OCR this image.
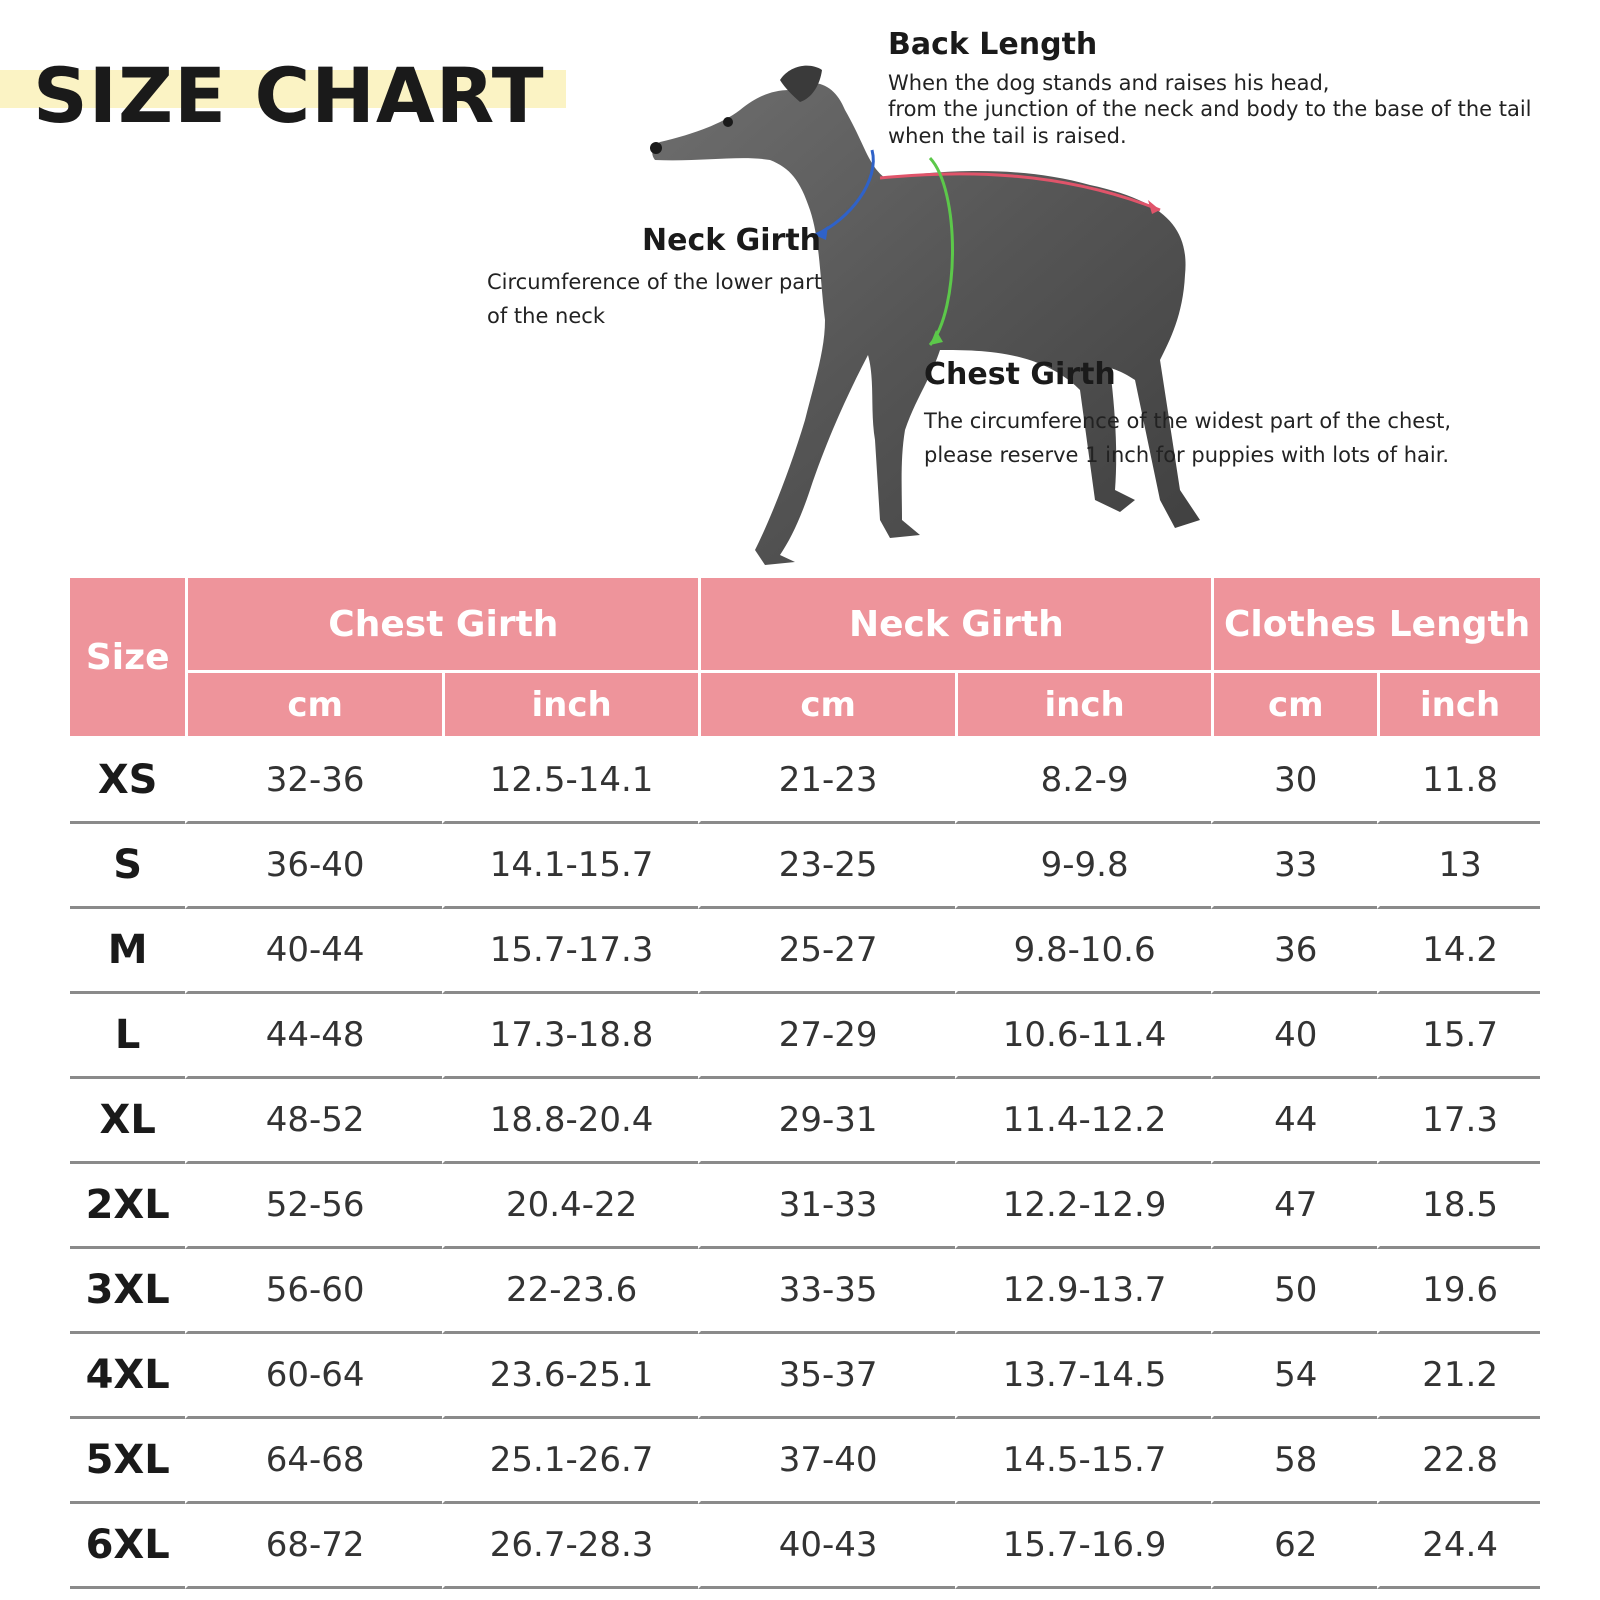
SIZE CHART
Back Length
When the dog stands and raises his head,
from the junction of the neck and body to the base of the tail
when the tail is raised.
Neck Girth
Circumference of the lower part
of the neck
Chest Girth
The circumference of the widest part of the chest,
please reserve 1 inch for puppies with lots of hair.
Size	Chest Girth		Neck Girth		Clothes Length	
	cm	inch	cm	inch	cm	inch
XS	32-36	12.5-14.1	21-23	8.2-9	30	11.8
S	36-40	14.1-15.7	23-25	9-9.8	33	13
M	40-44	15.7-17.3	25-27	9.8-10.6	36	14.2
L	44-48	17.3-18.8	27-29	10.6-11.4	40	15.7
XL	48-52	18.8-20.4	29-31	11.4-12.2	44	17.3
2XL	52-56	20.4-22	31-33	12.2-12.9	47	18.5
3XL	56-60	22-23.6	33-35	12.9-13.7	50	19.6
4XL	60-64	23.6-25.1	35-37	13.7-14.5	54	21.2
5XL	64-68	25.1-26.7	37-40	14.5-15.7	58	22.8
6XL	68-72	26.7-28.3	40-43	15.7-16.9	62	24.4
